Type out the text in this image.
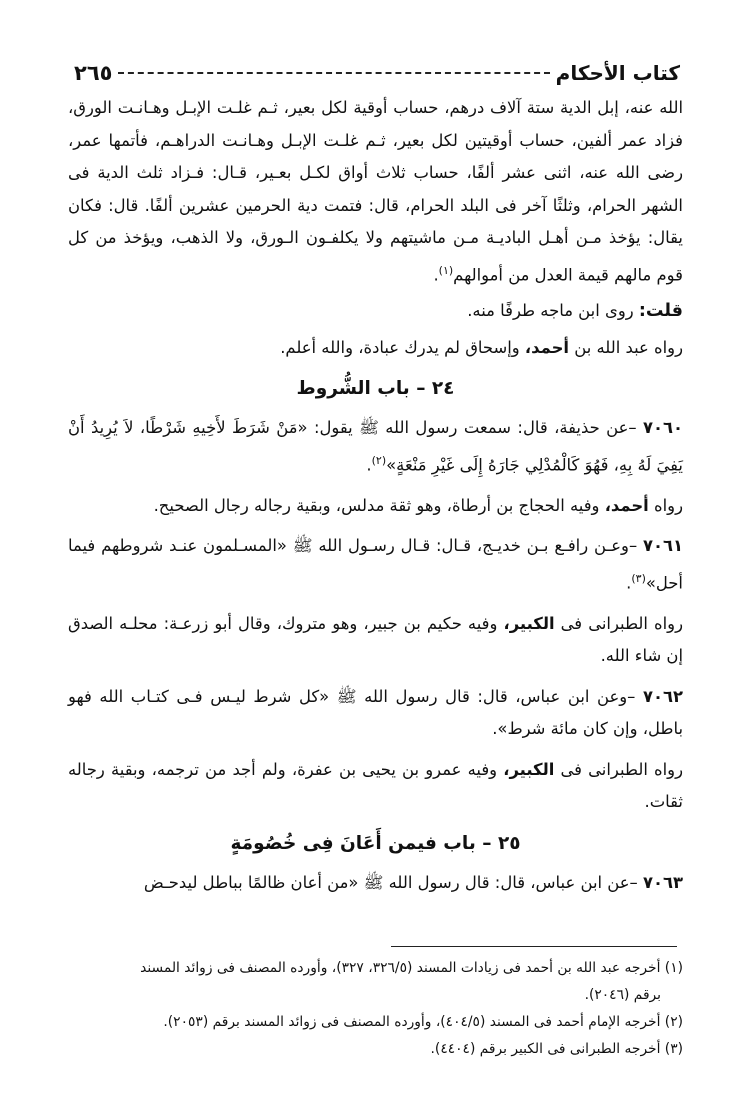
كتاب الأحكام
٢٦٥

الله عنه، إبل الدية ستة آلاف درهم، حساب أوقية لكل بعير، ثـم غلـت الإبـل وهـانـت الورق، فزاد عمر ألفين، حساب أوقيتين لكل بعير، ثـم غلـت الإبـل وهـانـت الدراهـم، فأتمها عمر، رضى الله عنه، اثنى عشر ألفًا، حساب ثلاث أواق لكـل بعـير، قـال: فـزاد ثلث الدية فى الشهر الحرام، وثلثًا آخر فى البلد الحرام، قال: فتمت دية الحرمين عشرين ألفًا. قال: فكان يقال: يؤخذ مـن أهـل الباديـة مـن ماشيتهم ولا يكلفـون الـورق، ولا الذهب، ويؤخذ من كل قوم مالهم قيمة العدل من أموالهم$^{(١)}$.

قلت: روى ابن ماجه طرفًا منه.

رواه عبد الله بن أحمد، وإسحاق لم يدرك عبادة، والله أعلم.

٢٤ – باب الشُّروط

٧٠٦٠ –عن حذيفة، قال: سمعت رسول الله ﷺ يقول: «مَنْ شَرَطَ لأَخِيهِ شَرْطًا، لاَ يُرِيدُ أَنْ يَفِيَ لَهُ بِهِ، فَهُوَ كَالْمُدْلِي جَارَهُ إِلَى غَيْرِ مَنْعَةٍ»$^{(٢)}$.

رواه أحمد، وفيه الحجاج بن أرطاة، وهو ثقة مدلس، وبقية رجاله رجال الصحيح.

٧٠٦١ –وعـن رافـع بـن خديـج، قـال: قـال رسـول الله ﷺ «المسـلمون عنـد شروطهم فيما أحل»$^{(٣)}$.

رواه الطبرانى فى الكبير، وفيه حكيم بن جبير، وهو متروك، وقال أبو زرعـة: محلـه الصدق إن شاء الله.

٧٠٦٢ –وعن ابن عباس، قال: قال رسول الله ﷺ «كل شرط ليـس فـى كتـاب الله فهو باطل، وإن كان مائة شرط».

رواه الطبرانى فى الكبير، وفيه عمرو بن يحيى بن عفرة، ولم أجد من ترجمه، وبقية رجاله ثقات.

٢٥ – باب فيمن أَعَانَ فِى خُصُومَةٍ

٧٠٦٣ –عن ابن عباس، قال: قال رسول الله ﷺ «من أعان ظالمًا بباطل ليدحـض

(١) أخرجه عبد الله بن أحمد فى زيادات المسند (٣٢٦/٥، ٣٢٧)، وأورده المصنف فى زوائد المسند

برقم (٢٠٤٦).

(٢) أخرجه الإمام أحمد فى المسند (٤٠٤/٥)، وأورده المصنف فى زوائد المسند برقم (٢٠٥٣).

(٣) أخرجه الطبرانى فى الكبير برقم (٤٤٠٤).
